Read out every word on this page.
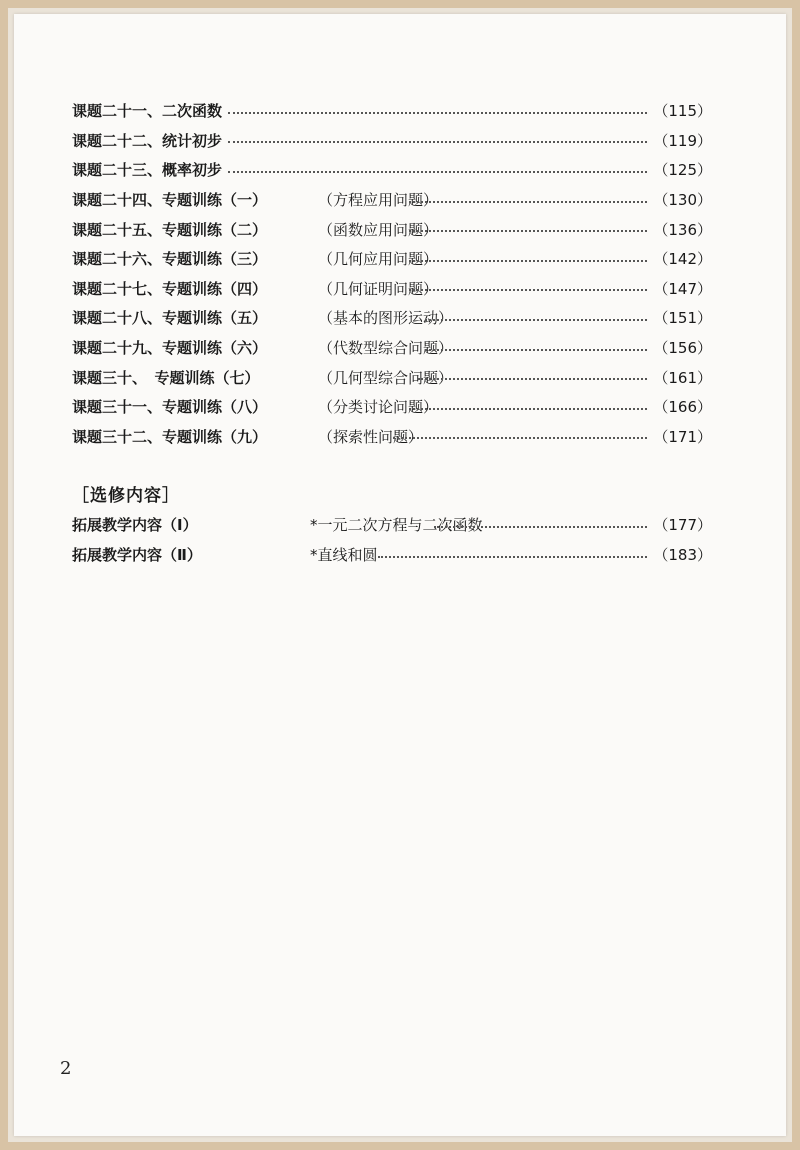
课题二十一、二次函数	（115）
课题二十二、统计初步	（119）
课题二十三、概率初步	（125）
课题二十四、专题训练（一）	（方程应用问题）	（130）
课题二十五、专题训练（二）	（函数应用问题）	（136）
课题二十六、专题训练（三）	（几何应用问题）	（142）
课题二十七、专题训练（四）	（几何证明问题）	（147）
课题二十八、专题训练（五）	（基本的图形运动）	（151）
课题二十九、专题训练（六）	（代数型综合问题）	（156）
课题三十、　专题训练（七）	（几何型综合问题）	（161）
课题三十一、专题训练（八）	（分类讨论问题）	（166）
课题三十二、专题训练（九）	（探索性问题）	（171）
［选修内容］
拓展教学内容（Ⅰ）	*一元二次方程与二次函数	（177）
拓展教学内容（Ⅱ）	*直线和圆	（183）
2
